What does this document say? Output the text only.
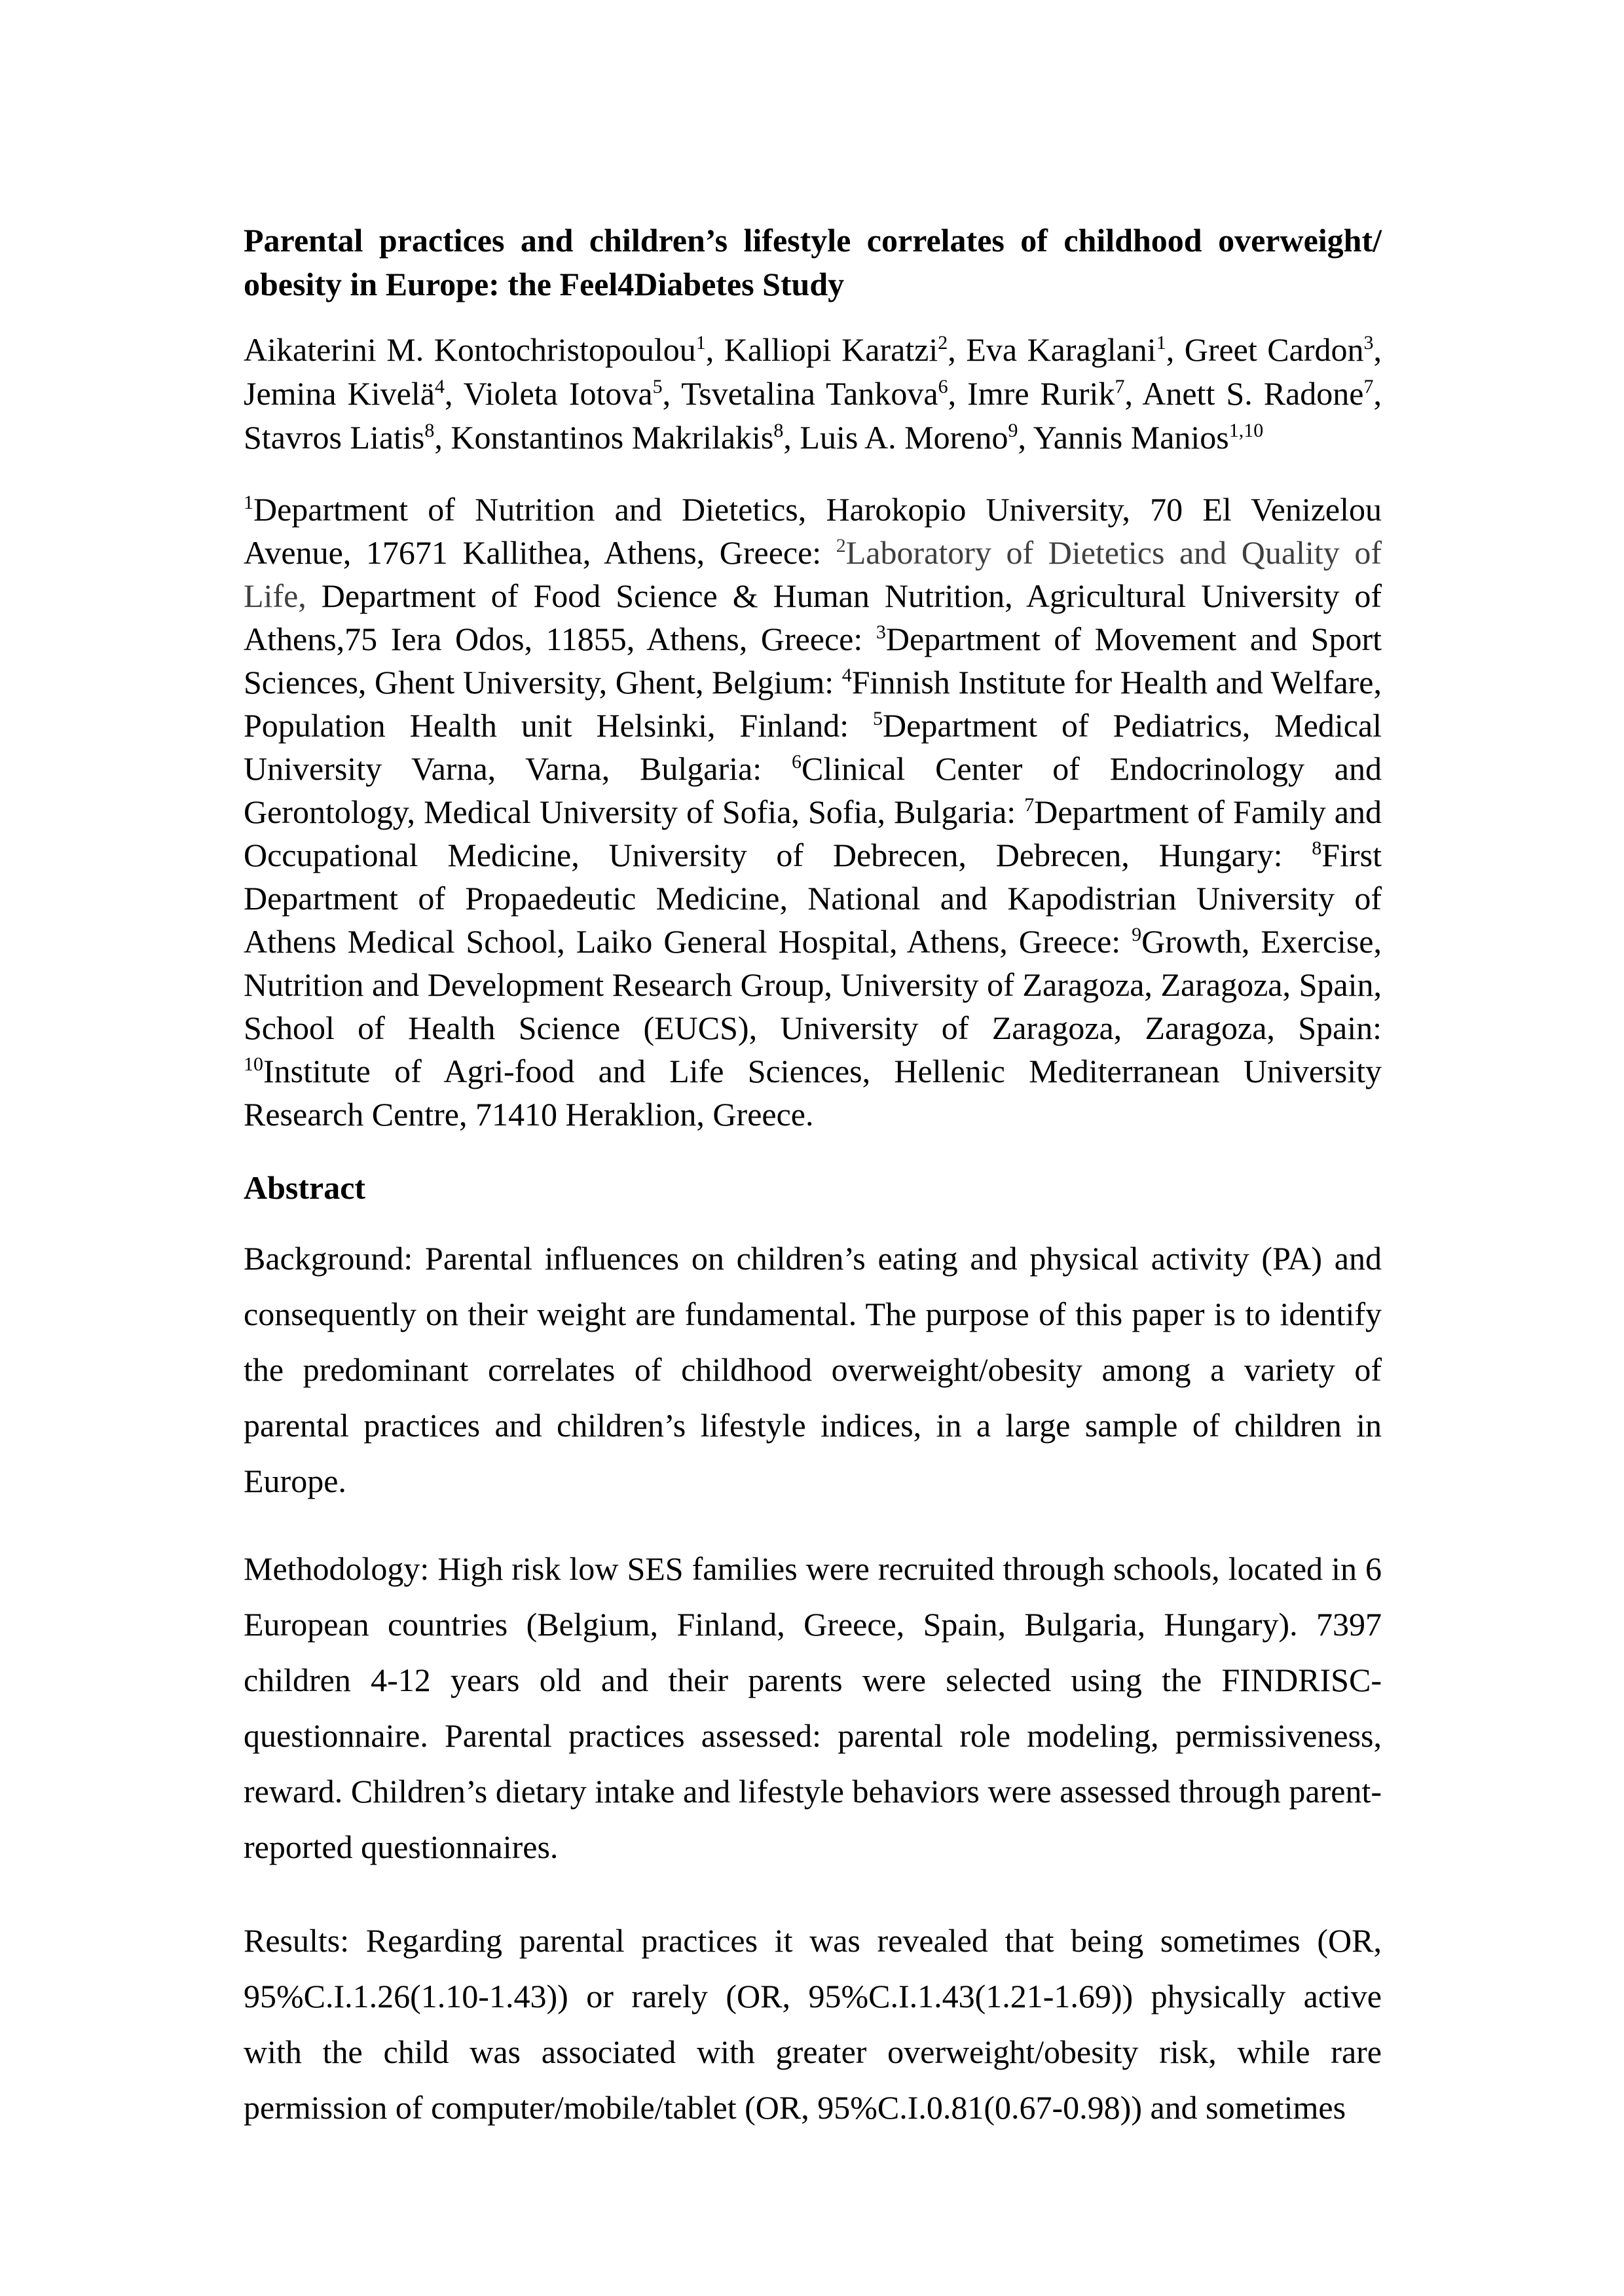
Parental practices and children’s lifestyle correlates of childhood overweight/
obesity in Europe: the Feel4Diabetes Study

Aikaterini M. Kontochristopoulou$^1$, Kalliopi Karatzi$^2$, Eva Karaglani$^1$, Greet Cardon$^3$, Jemina Kivelä$^4$, Violeta Iotova$^5$, Tsvetalina Tankova$^6$, Imre Rurik$^7$, Anett S. Radone$^7$, Stavros Liatis$^8$, Konstantinos Makrilakis$^8$, Luis A. Moreno$^9$, Yannis Manios$^{1,10}$

$^1$Department of Nutrition and Dietetics, Harokopio University, 70 El Venizelou Avenue, 17671 Kallithea, Athens, Greece: $^2$Laboratory of Dietetics and Quality of Life, Department of Food Science & Human Nutrition, Agricultural University of Athens,75 Iera Odos, 11855, Athens, Greece: $^3$Department of Movement and Sport Sciences, Ghent University, Ghent, Belgium: $^4$Finnish Institute for Health and Welfare, Population Health unit Helsinki, Finland: $^5$Department of Pediatrics, Medical University Varna, Varna, Bulgaria: $^6$Clinical Center of Endocrinology and Gerontology, Medical University of Sofia, Sofia, Bulgaria: $^7$Department of Family and Occupational Medicine, University of Debrecen, Debrecen, Hungary: $^8$First Department of Propaedeutic Medicine, National and Kapodistrian University of Athens Medical School, Laiko General Hospital, Athens, Greece: $^9$Growth, Exercise, Nutrition and Development Research Group, University of Zaragoza, Zaragoza, Spain, School of Health Science (EUCS), University of Zaragoza, Zaragoza, Spain: $^{10}$Institute of Agri-food and Life Sciences, Hellenic Mediterranean University Research Centre, 71410 Heraklion, Greece.

Abstract

Background: Parental influences on children’s eating and physical activity (PA) and consequently on their weight are fundamental. The purpose of this paper is to identify the predominant correlates of childhood overweight/obesity among a variety of parental practices and children’s lifestyle indices, in a large sample of children in Europe.

Methodology: High risk low SES families were recruited through schools, located in 6 European countries (Belgium, Finland, Greece, Spain, Bulgaria, Hungary). 7397 children 4-12 years old and their parents were selected using the FINDRISC-questionnaire. Parental practices assessed: parental role modeling, permissiveness, reward. Children’s dietary intake and lifestyle behaviors were assessed through parent-reported questionnaires.

Results: Regarding parental practices it was revealed that being sometimes (OR, 95%C.I.1.26(1.10-1.43)) or rarely (OR, 95%C.I.1.43(1.21-1.69)) physically active with the child was associated with greater overweight/obesity risk, while rare permission of computer/mobile/tablet (OR, 95%C.I.0.81(0.67-0.98)) and sometimes
